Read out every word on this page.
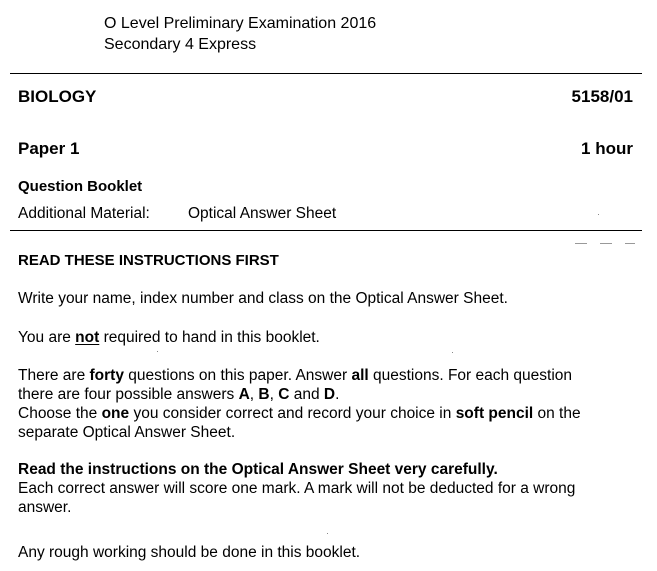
O Level Preliminary Examination 2016

Secondary 4 Express

BIOLOGY	5158/01

Paper 1	1 hour

Question Booklet

Additional Material: Optical Answer Sheet

READ THESE INSTRUCTIONS FIRST

Write your name, index number and class on the Optical Answer Sheet.

You are not required to hand in this booklet.

There are forty questions on this paper. Answer all questions. For each question
there are four possible answers A, B, C and D.
Choose the one you consider correct and record your choice in soft pencil on the
separate Optical Answer Sheet.
Read the instructions on the Optical Answer Sheet very carefully.
Each correct answer will score one mark. A mark will not be deducted for a wrong
answer.

Any rough working should be done in this booklet.
